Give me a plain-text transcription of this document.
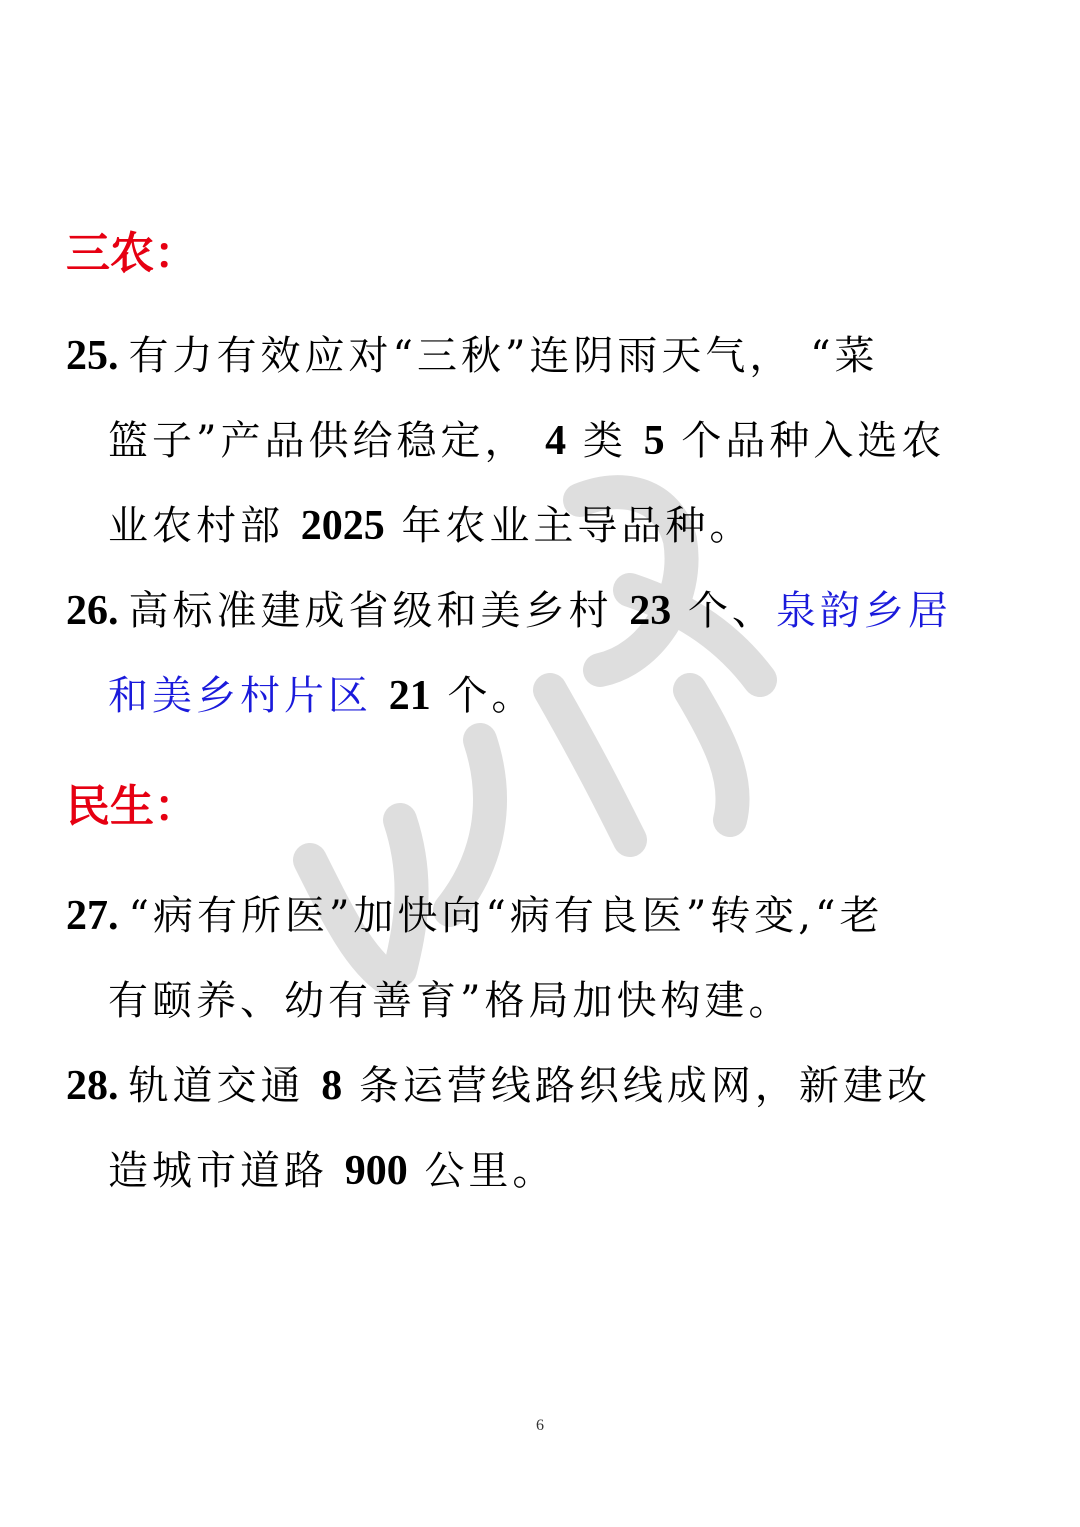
三农：
25. 有力有效应对“三秋”连阴雨天气， “菜
篮子”产品供给稳定， 4 类 5 个品种入选农
业农村部 2025 年农业主导品种。
26. 高标准建成省级和美乡村 23 个、泉韵乡居
和美乡村片区 21 个。
民生：
27. “病有所医”加快向“病有良医”转变,“老
有颐养、幼有善育”格局加快构建。
28. 轨道交通 8 条运营线路织线成网，新建改
造城市道路 900 公里。
6
